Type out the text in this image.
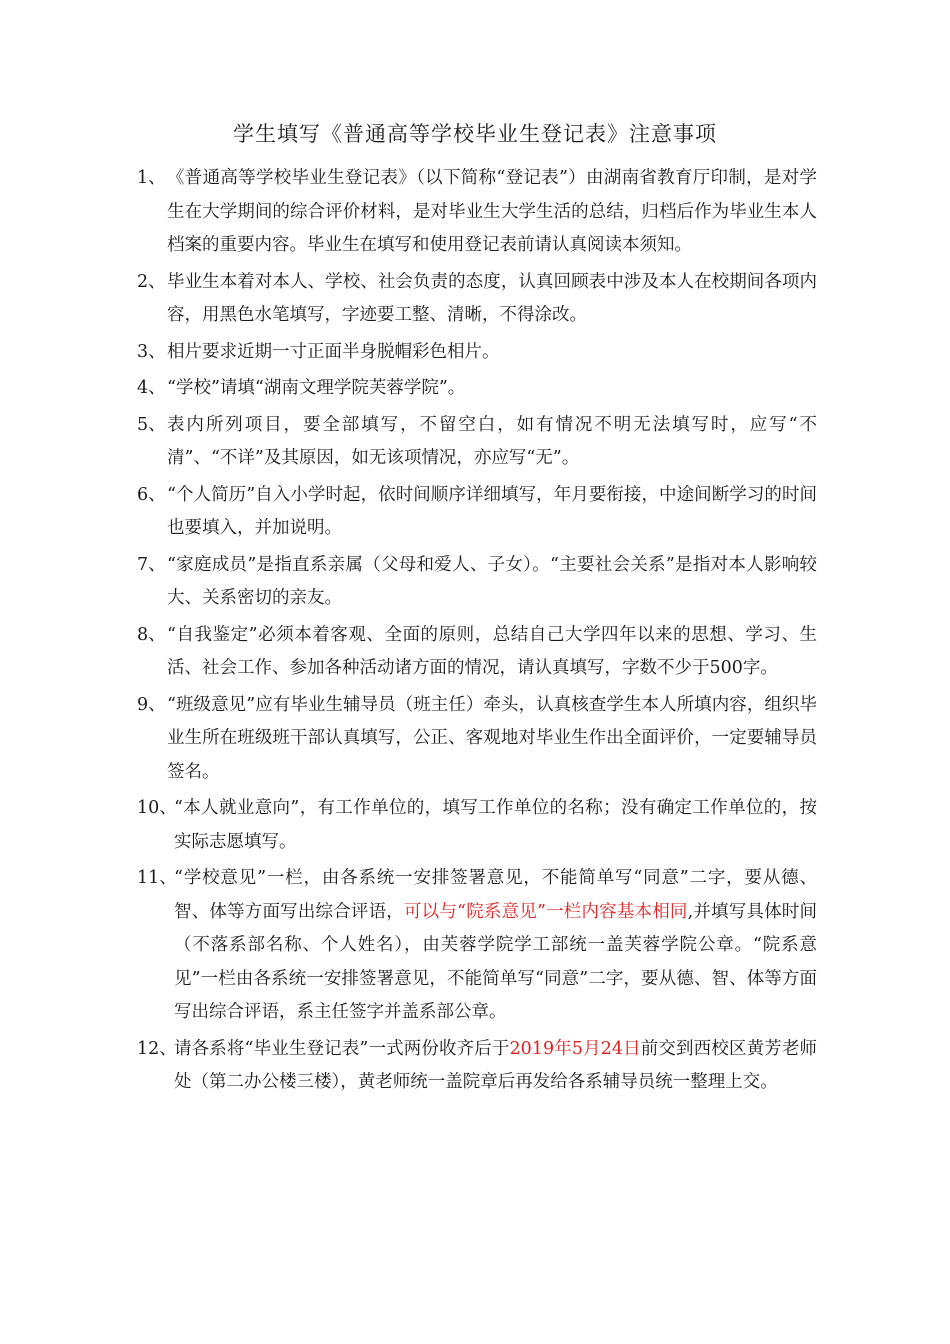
学生填写《普通高等学校毕业生登记表》注意事项
1、 《普通高等学校毕业生登记表》（以下简称“登记表”）由湖南省教育厅印制，是对学生在大学期间的综合评价材料，是对毕业生大学生活的总结，归档后作为毕业生本人档案的重要内容。毕业生在填写和使用登记表前请认真阅读本须知。
2、 毕业生本着对本人、学校、社会负责的态度，认真回顾表中涉及本人在校期间各项内容，用黑色水笔填写，字迹要工整、清晰，不得涂改。
3、 相片要求近期一寸正面半身脱帽彩色相片。
4、 “学校”请填“湖南文理学院芙蓉学院”。
5、 表内所列项目，要全部填写，不留空白，如有情况不明无法填写时，应写“不清”、“不详”及其原因，如无该项情况，亦应写“无”。
6、 “个人简历”自入小学时起，依时间顺序详细填写，年月要衔接，中途间断学习的时间也要填入，并加说明。
7、 “家庭成员”是指直系亲属（父母和爱人、子女）。“主要社会关系”是指对本人影响较大、关系密切的亲友。
8、 “自我鉴定”必须本着客观、全面的原则，总结自己大学四年以来的思想、学习、生活、社会工作、参加各种活动诸方面的情况，请认真填写，字数不少于500字。
9、 “班级意见”应有毕业生辅导员（班主任）牵头，认真核查学生本人所填内容，组织毕业生所在班级班干部认真填写，公正、客观地对毕业生作出全面评价，一定要辅导员签名。
10、
“本人就业意向”，有工作单位的，填写工作单位的名称；没有确定工作单位的，按实际志愿填写。
11、
“学校意见”一栏，由各系统一安排签署意见，不能简单写“同意”二字，要从德、智、体等方面写出综合评语，可以与“院系意见”一栏内容基本相同,并填写具体时间（不落系部名称、个人姓名），由芙蓉学院学工部统一盖芙蓉学院公章。“院系意见”一栏由各系统一安排签署意见，不能简单写“同意”二字，要从德、智、体等方面写出综合评语，系主任签字并盖系部公章。
12、
请各系将“毕业生登记表”一式两份收齐后于2019年5月24日前交到西校区黄芳老师处（第二办公楼三楼），黄老师统一盖院章后再发给各系辅导员统一整理上交。
